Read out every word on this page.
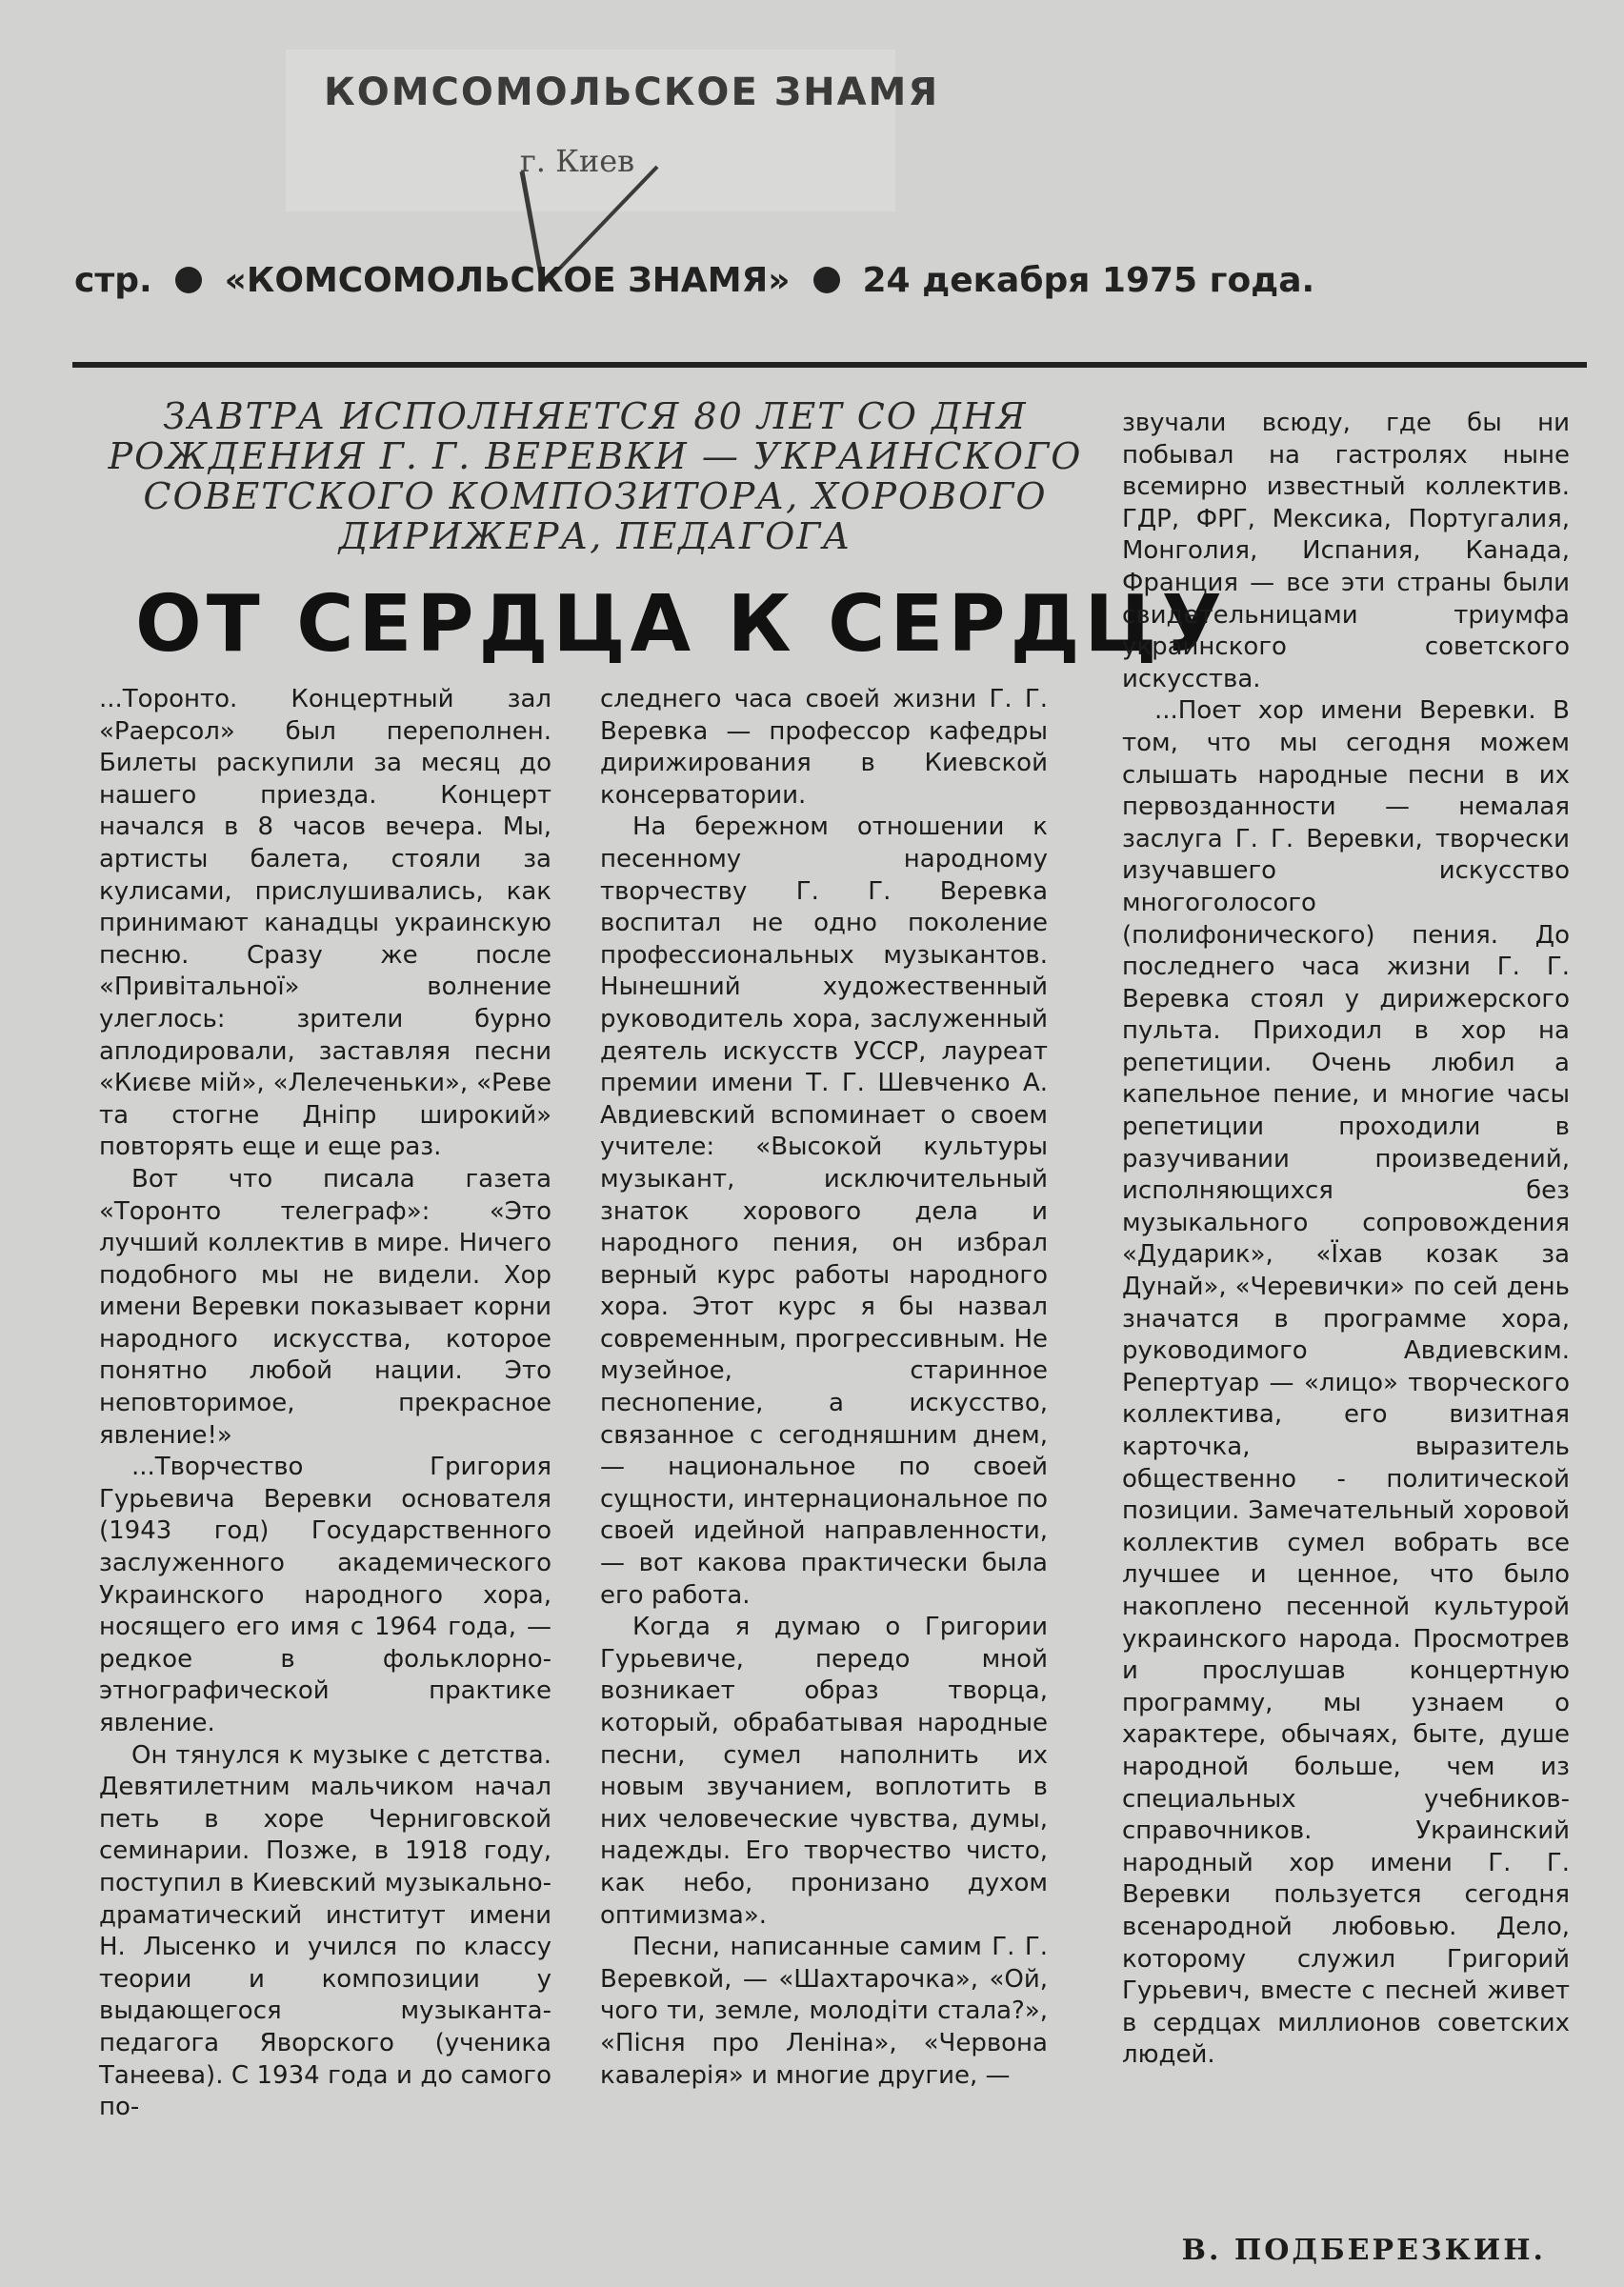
КОМСОМОЛЬСКОЕ ЗНАМЯ
г. Киев
стр. «КОМСОМОЛЬСКОЕ ЗНАМЯ» 24 декабря 1975 года.
ЗАВТРА ИСПОЛНЯЕТСЯ 80 ЛЕТ СО ДНЯ РОЖДЕНИЯ Г. Г. ВЕРЕВКИ — УКРАИНСКОГО СОВЕТСКОГО КОМПОЗИТОРА, ХОРОВОГО ДИРИЖЕРА, ПЕДАГОГА
ОТ СЕРДЦА К СЕРДЦУ

...Торонто. Концертный зал «Раерсол» был переполнен. Билеты раскупили за месяц до нашего приезда. Концерт начался в 8 часов вечера. Мы, артисты балета, стояли за кулисами, прислушивались, как принимают канадцы украинскую песню. Сразу же после «Привітальної» волнение улеглось: зрители бурно аплодировали, заставляя песни «Києве мій», «Лелеченьки», «Реве та стогне Дніпр широкий» повторять еще и еще раз.

Вот что писала газета «Торонто телеграф»: «Это лучший коллектив в мире. Ничего подобного мы не видели. Хор имени Веревки показывает корни народного искусства, которое понятно любой нации. Это неповторимое, прекрасное явление!»

...Творчество Григория Гурьевича Веревки основателя (1943 год) Государственного заслуженного академического Украинского народного хора, носящего его имя с 1964 года, — редкое в фольклорно-этнографической практике явление.

Он тянулся к музыке с детства. Девятилетним мальчиком начал петь в хоре Черниговской семинарии. Позже, в 1918 году, поступил в Киевский музыкально-драматический институт имени Н. Лысенко и учился по классу теории и композиции у выдающегося музыканта-педагога Яворского (ученика Танеева). С 1934 года и до самого по-

следнего часа своей жизни Г. Г. Веревка — профессор кафедры дирижирования в Киевской консерватории.

На бережном отношении к песенному народному творчеству Г. Г. Веревка воспитал не одно поколение профессиональных музыкантов. Нынешний художественный руководитель хора, заслуженный деятель искусств УССР, лауреат премии имени Т. Г. Шевченко А. Авдиевский вспоминает о своем учителе: «Высокой культуры музыкант, исключительный знаток хорового дела и народного пения, он избрал верный курс работы народного хора. Этот курс я бы назвал современным, прогрессивным. Не музейное, старинное песнопение, а искусство, связанное с сегодняшним днем, — национальное по своей сущности, интернациональное по своей идейной направленности, — вот какова практически была его работа.

Когда я думаю о Григории Гурьевиче, передо мной возникает образ творца, который, обрабатывая народные песни, сумел наполнить их новым звучанием, воплотить в них человеческие чувства, думы, надежды. Его творчество чисто, как небо, пронизано духом оптимизма».

Песни, написанные самим Г. Г. Веревкой, — «Шахтарочка», «Ой, чого ти, земле, молодіти стала?», «Пісня про Леніна», «Червона кавалерія» и многие другие, —

звучали всюду, где бы ни побывал на гастролях ныне всемирно известный коллектив. ГДР, ФРГ, Мексика, Португалия, Монголия, Испания, Канада, Франция — все эти страны были свидетельницами триумфа украинского советского искусства.

...Поет хор имени Веревки. В том, что мы сегодня можем слышать народные песни в их первозданности — немалая заслуга Г. Г. Веревки, творчески изучавшего искусство многоголосого (полифонического) пения. До последнего часа жизни Г. Г. Веревка стоял у дирижерского пульта. Приходил в хор на репетиции. Очень любил а капельное пение, и многие часы репетиции проходили в разучивании произведений, исполняющихся без музыкального сопровождения «Дударик», «Їхав козак за Дунай», «Черевички» по сей день значатся в программе хора, руководимого Авдиевским. Репертуар — «лицо» творческого коллектива, его визитная карточка, выразитель общественно - политической позиции. Замечательный хоровой коллектив сумел вобрать все лучшее и ценное, что было накоплено песенной культурой украинского народа. Просмотрев и прослушав концертную программу, мы узнаем о характере, обычаях, быте, душе народной больше, чем из специальных учебников-справочников. Украинский народный хор имени Г. Г. Веревки пользуется сегодня всенародной любовью. Дело, которому служил Григорий Гурьевич, вместе с песней живет в сердцах миллионов советских людей.

В. ПОДБЕРЕЗКИН.
